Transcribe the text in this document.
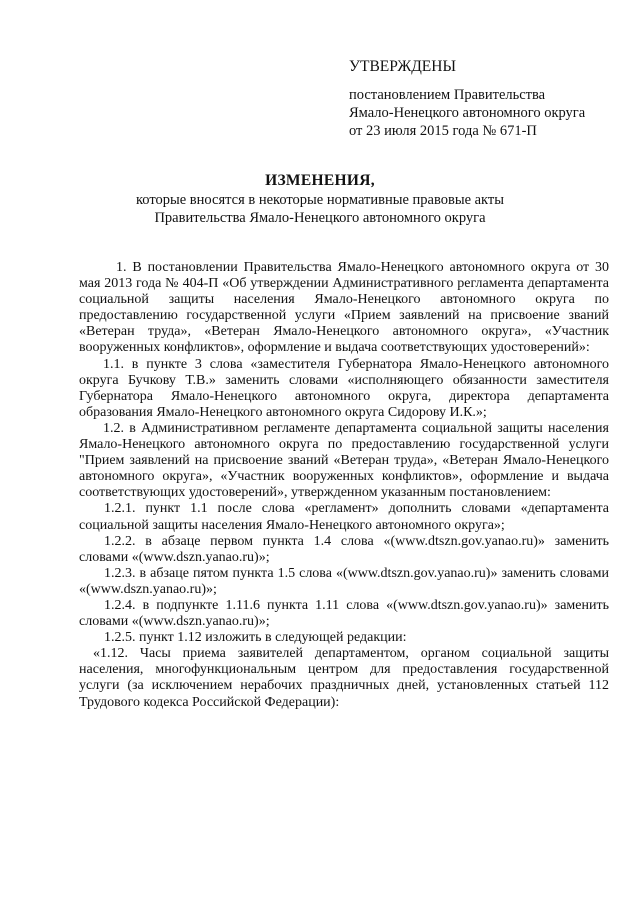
УТВЕРЖДЕНЫ
постановлением Правительства
Ямало-Ненецкого автономного округа
от 23 июля 2015 года № 671-П
ИЗМЕНЕНИЯ,
которые вносятся в некоторые нормативные правовые акты
Правительства Ямало-Ненецкого автономного округа

1. В постановлении Правительства Ямало-Ненецкого автономного округа от 30 мая 2013 года № 404-П «Об утверждении Административного регламента департамента социальной защиты населения Ямало-Ненецкого автономного округа по предоставлению государственной услуги «Прием заявлений на присвоение званий «Ветеран труда», «Ветеран Ямало-Ненецкого автономного округа», «Участник вооруженных конфликтов», оформление и выдача соответствующих удостоверений»:

1.1. в пункте 3 слова «заместителя Губернатора Ямало-Ненецкого автономного округа Бучкову Т.В.» заменить словами «исполняющего обязанности заместителя Губернатора Ямало-Ненецкого автономного округа, директора департамента образования Ямало-Ненецкого автономного округа Сидорову И.К.»;

1.2. в Административном регламенте департамента социальной защиты населения Ямало-Ненецкого автономного округа по предоставлению государственной услуги "Прием заявлений на присвоение званий «Ветеран труда», «Ветеран Ямало-Ненецкого автономного округа», «Участник вооруженных конфликтов», оформление и выдача соответствующих удостоверений», утвержденном указанным постановлением:

1.2.1. пункт 1.1 после слова «регламент» дополнить словами «департамента социальной защиты населения Ямало-Ненецкого автономного округа»;

1.2.2. в абзаце первом пункта 1.4 слова «(www.dtszn.gov.yanao.ru)» заменить словами «(www.dszn.yanao.ru)»;

1.2.3. в абзаце пятом пункта 1.5 слова «(www.dtszn.gov.yanao.ru)» заменить словами «(www.dszn.yanao.ru)»;

1.2.4. в подпункте 1.11.6 пункта 1.11 слова «(www.dtszn.gov.yanao.ru)» заменить словами «(www.dszn.yanao.ru)»;

1.2.5. пункт 1.12 изложить в следующей редакции:

«1.12. Часы приема заявителей департаментом, органом социальной защиты населения, многофункциональным центром для предоставления государственной услуги (за исключением нерабочих праздничных дней, установленных статьей 112 Трудового кодекса Российской Федерации):
